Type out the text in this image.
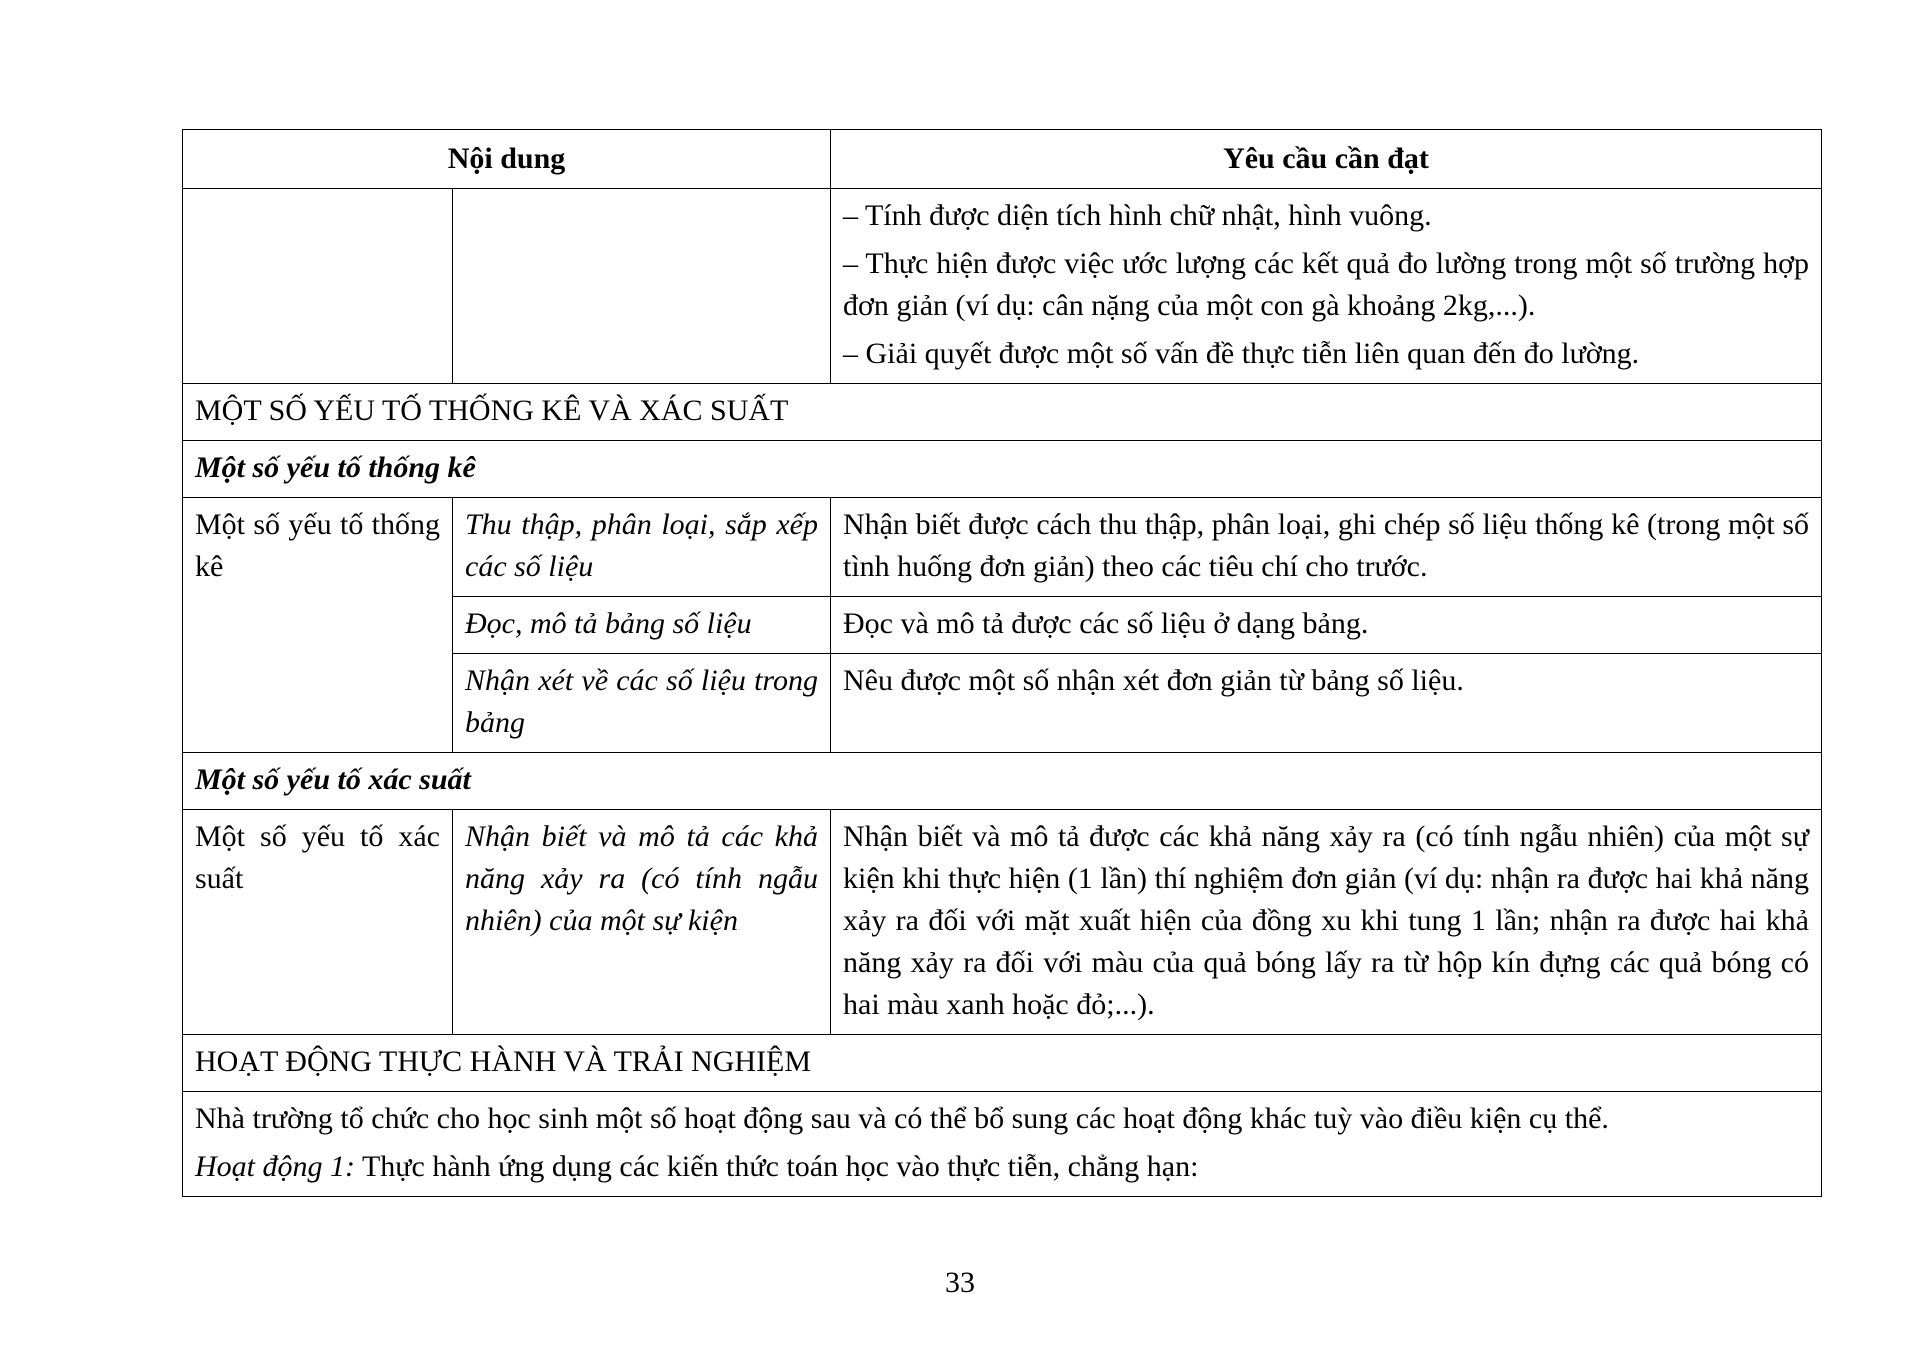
Nội dung		Yêu cầu cần đạt

		– Tính được diện tích hình chữ nhật, hình vuông.
– Thực hiện được việc ước lượng các kết quả đo lường trong một số trường hợp đơn giản (ví dụ: cân nặng của một con gà khoảng 2kg,...).
– Giải quyết được một số vấn đề thực tiễn liên quan đến đo lường.

MỘT SỐ YẾU TỐ THỐNG KÊ VÀ XÁC SUẤT		
Một số yếu tố thống kê		
Một số yếu tố thống kê	Thu thập, phân loại, sắp xếp các số liệu	Nhận biết được cách thu thập, phân loại, ghi chép số liệu thống kê (trong một số tình huống đơn giản) theo các tiêu chí cho trước.
	Đọc, mô tả bảng số liệu	Đọc và mô tả được các số liệu ở dạng bảng.
	Nhận xét về các số liệu trong bảng	Nêu được một số nhận xét đơn giản từ bảng số liệu.
Một số yếu tố xác suất		
Một số yếu tố xác suất	Nhận biết và mô tả các khả năng xảy ra (có tính ngẫu nhiên) của một sự kiện	Nhận biết và mô tả được các khả năng xảy ra (có tính ngẫu nhiên) của một sự kiện khi thực hiện (1 lần) thí nghiệm đơn giản (ví dụ: nhận ra được hai khả năng xảy ra đối với mặt xuất hiện của đồng xu khi tung 1 lần; nhận ra được hai khả năng xảy ra đối với màu của quả bóng lấy ra từ hộp kín đựng các quả bóng có hai màu xanh hoặc đỏ;...).
HOẠT ĐỘNG THỰC HÀNH VÀ TRẢI NGHIỆM		

Nhà trường tổ chức cho học sinh một số hoạt động sau và có thể bổ sung các hoạt động khác tuỳ vào điều kiện cụ thể.
Hoạt động 1: Thực hành ứng dụng các kiến thức toán học vào thực tiễn, chẳng hạn:		
33
